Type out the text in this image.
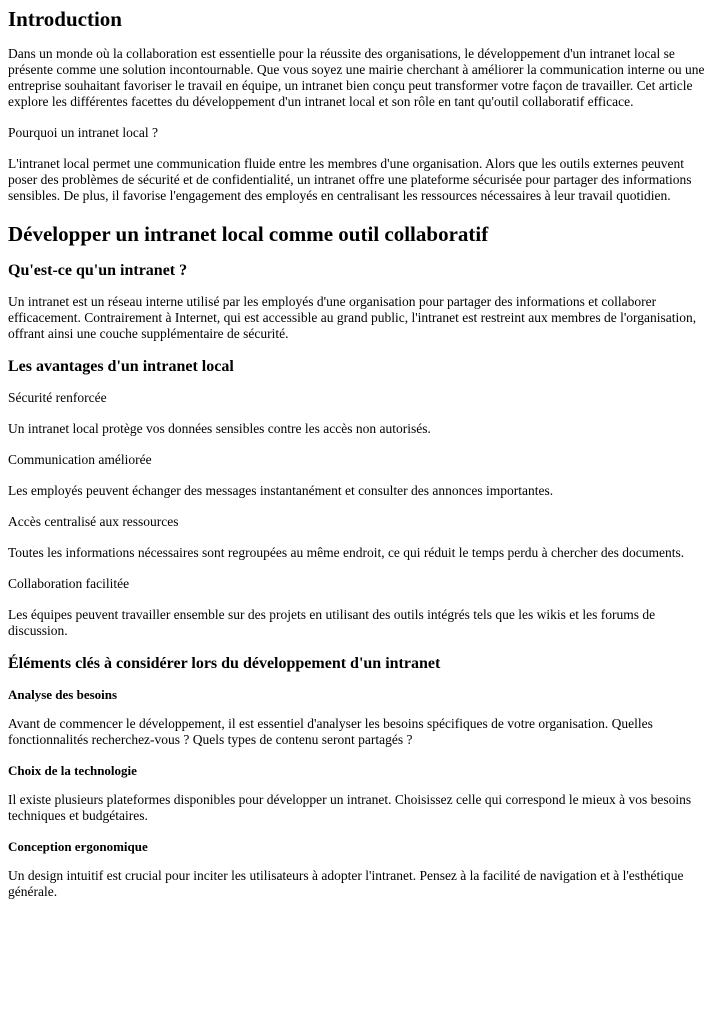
Introduction

Dans un monde où la collaboration est essentielle pour la réussite des organisations, le développement d'un intranet local se présente comme une solution incontournable. Que vous soyez une mairie cherchant à améliorer la communication interne ou une entreprise souhaitant favoriser le travail en équipe, un intranet bien conçu peut transformer votre façon de travailler. Cet article explore les différentes facettes du développement d'un intranet local et son rôle en tant qu'outil collaboratif efficace.

Pourquoi un intranet local ?

L'intranet local permet une communication fluide entre les membres d'une organisation. Alors que les outils externes peuvent poser des problèmes de sécurité et de confidentialité, un intranet offre une plateforme sécurisée pour partager des informations sensibles. De plus, il favorise l'engagement des employés en centralisant les ressources nécessaires à leur travail quotidien.

Développer un intranet local comme outil collaboratif
Qu'est-ce qu'un intranet ?

Un intranet est un réseau interne utilisé par les employés d'une organisation pour partager des informations et collaborer efficacement. Contrairement à Internet, qui est accessible au grand public, l'intranet est restreint aux membres de l'organisation, offrant ainsi une couche supplémentaire de sécurité.

Les avantages d'un intranet local

Sécurité renforcée

Un intranet local protège vos données sensibles contre les accès non autorisés.

Communication améliorée

Les employés peuvent échanger des messages instantanément et consulter des annonces importantes.

Accès centralisé aux ressources

Toutes les informations nécessaires sont regroupées au même endroit, ce qui réduit le temps perdu à chercher des documents.

Collaboration facilitée

Les équipes peuvent travailler ensemble sur des projets en utilisant des outils intégrés tels que les wikis et les forums de discussion.

Éléments clés à considérer lors du développement d'un intranet
Analyse des besoins

Avant de commencer le développement, il est essentiel d'analyser les besoins spécifiques de votre organisation. Quelles fonctionnalités recherchez-vous ? Quels types de contenu seront partagés ?

Choix de la technologie

Il existe plusieurs plateformes disponibles pour développer un intranet. Choisissez celle qui correspond le mieux à vos besoins techniques et budgétaires.

Conception ergonomique

Un design intuitif est crucial pour inciter les utilisateurs à adopter l'intranet. Pensez à la facilité de navigation et à l'esthétique générale.
